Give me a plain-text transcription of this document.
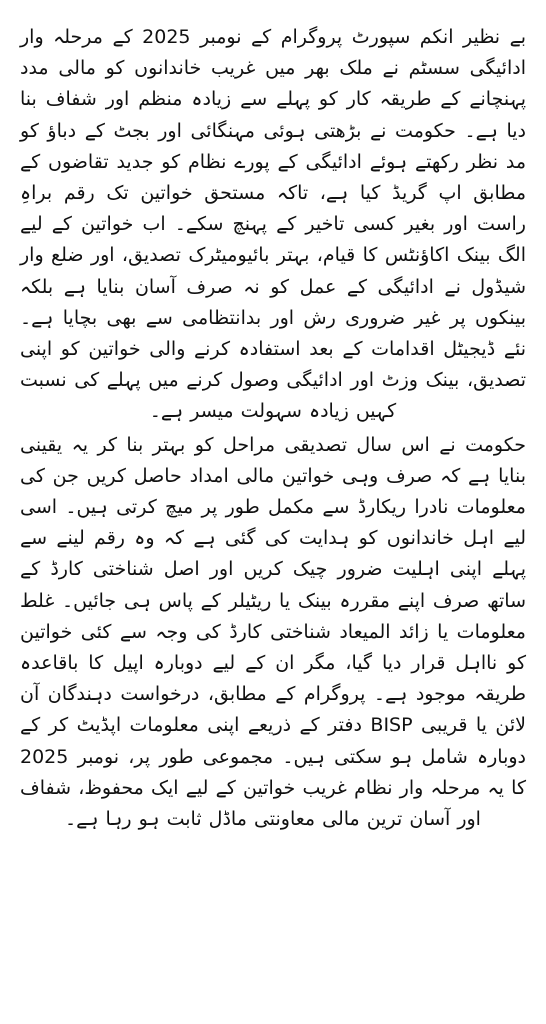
بے نظیر انکم سپورٹ پروگرام کے نومبر 2025 کے مرحلہ وار ادائیگی سسٹم نے ملک بھر میں غریب خاندانوں کو مالی مدد پہنچانے کے طریقہ کار کو پہلے سے زیادہ منظم اور شفاف بنا دیا ہے۔ حکومت نے بڑھتی ہوئی مہنگائی اور بجٹ کے دباؤ کو مد نظر رکھتے ہوئے ادائیگی کے پورے نظام کو جدید تقاضوں کے مطابق اپ گریڈ کیا ہے، تاکہ مستحق خواتین تک رقم براہِ راست اور بغیر کسی تاخیر کے پہنچ سکے۔ اب خواتین کے لیے الگ بینک اکاؤنٹس کا قیام، بہتر بائیومیٹرک تصدیق، اور ضلع وار شیڈول نے ادائیگی کے عمل کو نہ صرف آسان بنایا ہے بلکہ بینکوں پر غیر ضروری رش اور بدانتظامی سے بھی بچایا ہے۔ نئے ڈیجیٹل اقدامات کے بعد استفادہ کرنے والی خواتین کو اپنی تصدیق، بینک وزٹ اور ادائیگی وصول کرنے میں پہلے کی نسبت کہیں زیادہ سہولت میسر ہے۔

حکومت نے اس سال تصدیقی مراحل کو بہتر بنا کر یہ یقینی بنایا ہے کہ صرف وہی خواتین مالی امداد حاصل کریں جن کی معلومات نادرا ریکارڈ سے مکمل طور پر میچ کرتی ہیں۔ اسی لیے اہل خاندانوں کو ہدایت کی گئی ہے کہ وہ رقم لینے سے پہلے اپنی اہلیت ضرور چیک کریں اور اصل شناختی کارڈ کے ساتھ صرف اپنے مقررہ بینک یا ریٹیلر کے پاس ہی جائیں۔ غلط معلومات یا زائد المیعاد شناختی کارڈ کی وجہ سے کئی خواتین کو نااہل قرار دیا گیا، مگر ان کے لیے دوبارہ اپیل کا باقاعدہ طریقہ موجود ہے۔ پروگرام کے مطابق، درخواست دہندگان آن لائن یا قریبی BISP دفتر کے ذریعے اپنی معلومات اپڈیٹ کر کے دوبارہ شامل ہو سکتی ہیں۔ مجموعی طور پر، نومبر 2025 کا یہ مرحلہ وار نظام غریب خواتین کے لیے ایک محفوظ، شفاف اور آسان ترین مالی معاونتی ماڈل ثابت ہو رہا ہے۔
